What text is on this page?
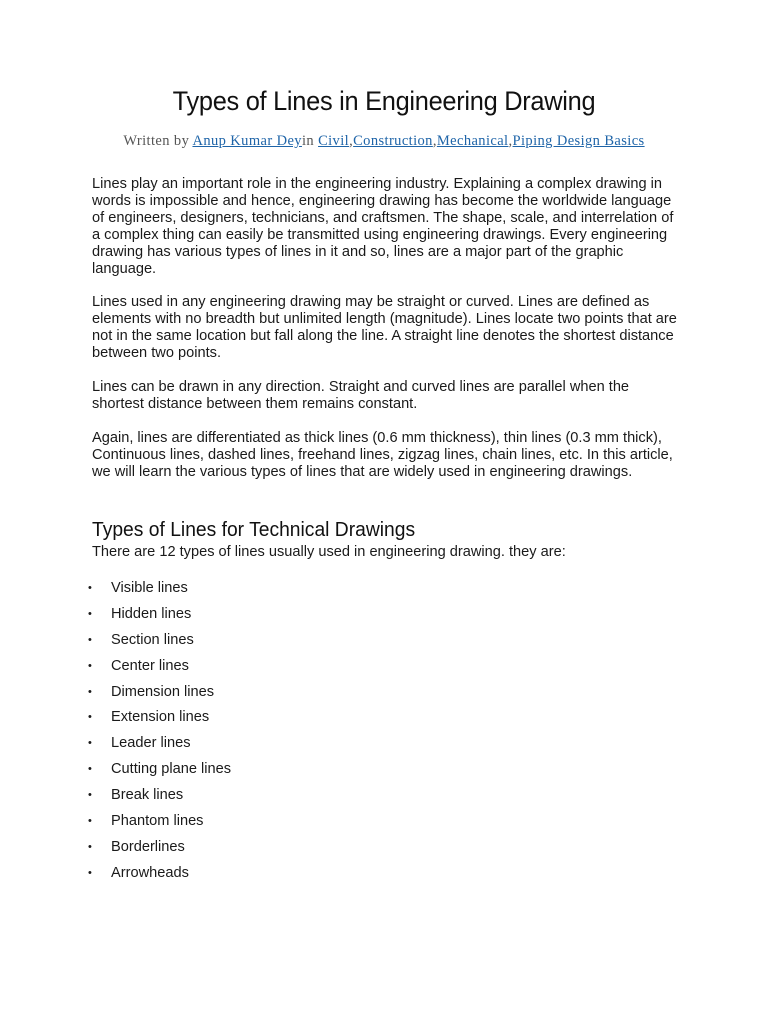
Types of Lines in Engineering Drawing
Written by Anup Kumar Deyin Civil,Construction,Mechanical,Piping Design Basics

Lines play an important role in the engineering industry. Explaining a complex drawing in words is impossible and hence, engineering drawing has become the worldwide language of engineers, designers, technicians, and craftsmen. The shape, scale, and interrelation of a complex thing can easily be transmitted using engineering drawings. Every engineering drawing has various types of lines in it and so, lines are a major part of the graphic language.

Lines used in any engineering drawing may be straight or curved. Lines are defined as elements with no breadth but unlimited length (magnitude). Lines locate two points that are not in the same location but fall along the line. A straight line denotes the shortest distance between two points.

Lines can be drawn in any direction. Straight and curved lines are parallel when the shortest distance between them remains constant.

Again, lines are differentiated as thick lines (0.6 mm thickness), thin lines (0.3 mm thick), Continuous lines, dashed lines, freehand lines, zigzag lines, chain lines, etc. In this article, we will learn the various types of lines that are widely used in engineering drawings.

Types of Lines for Technical Drawings

There are 12 types of lines usually used in engineering drawing. they are:

• Visible lines
• Hidden lines
• Section lines
• Center lines
• Dimension lines
• Extension lines
• Leader lines
• Cutting plane lines
• Break lines
• Phantom lines
• Borderlines
• Arrowheads
